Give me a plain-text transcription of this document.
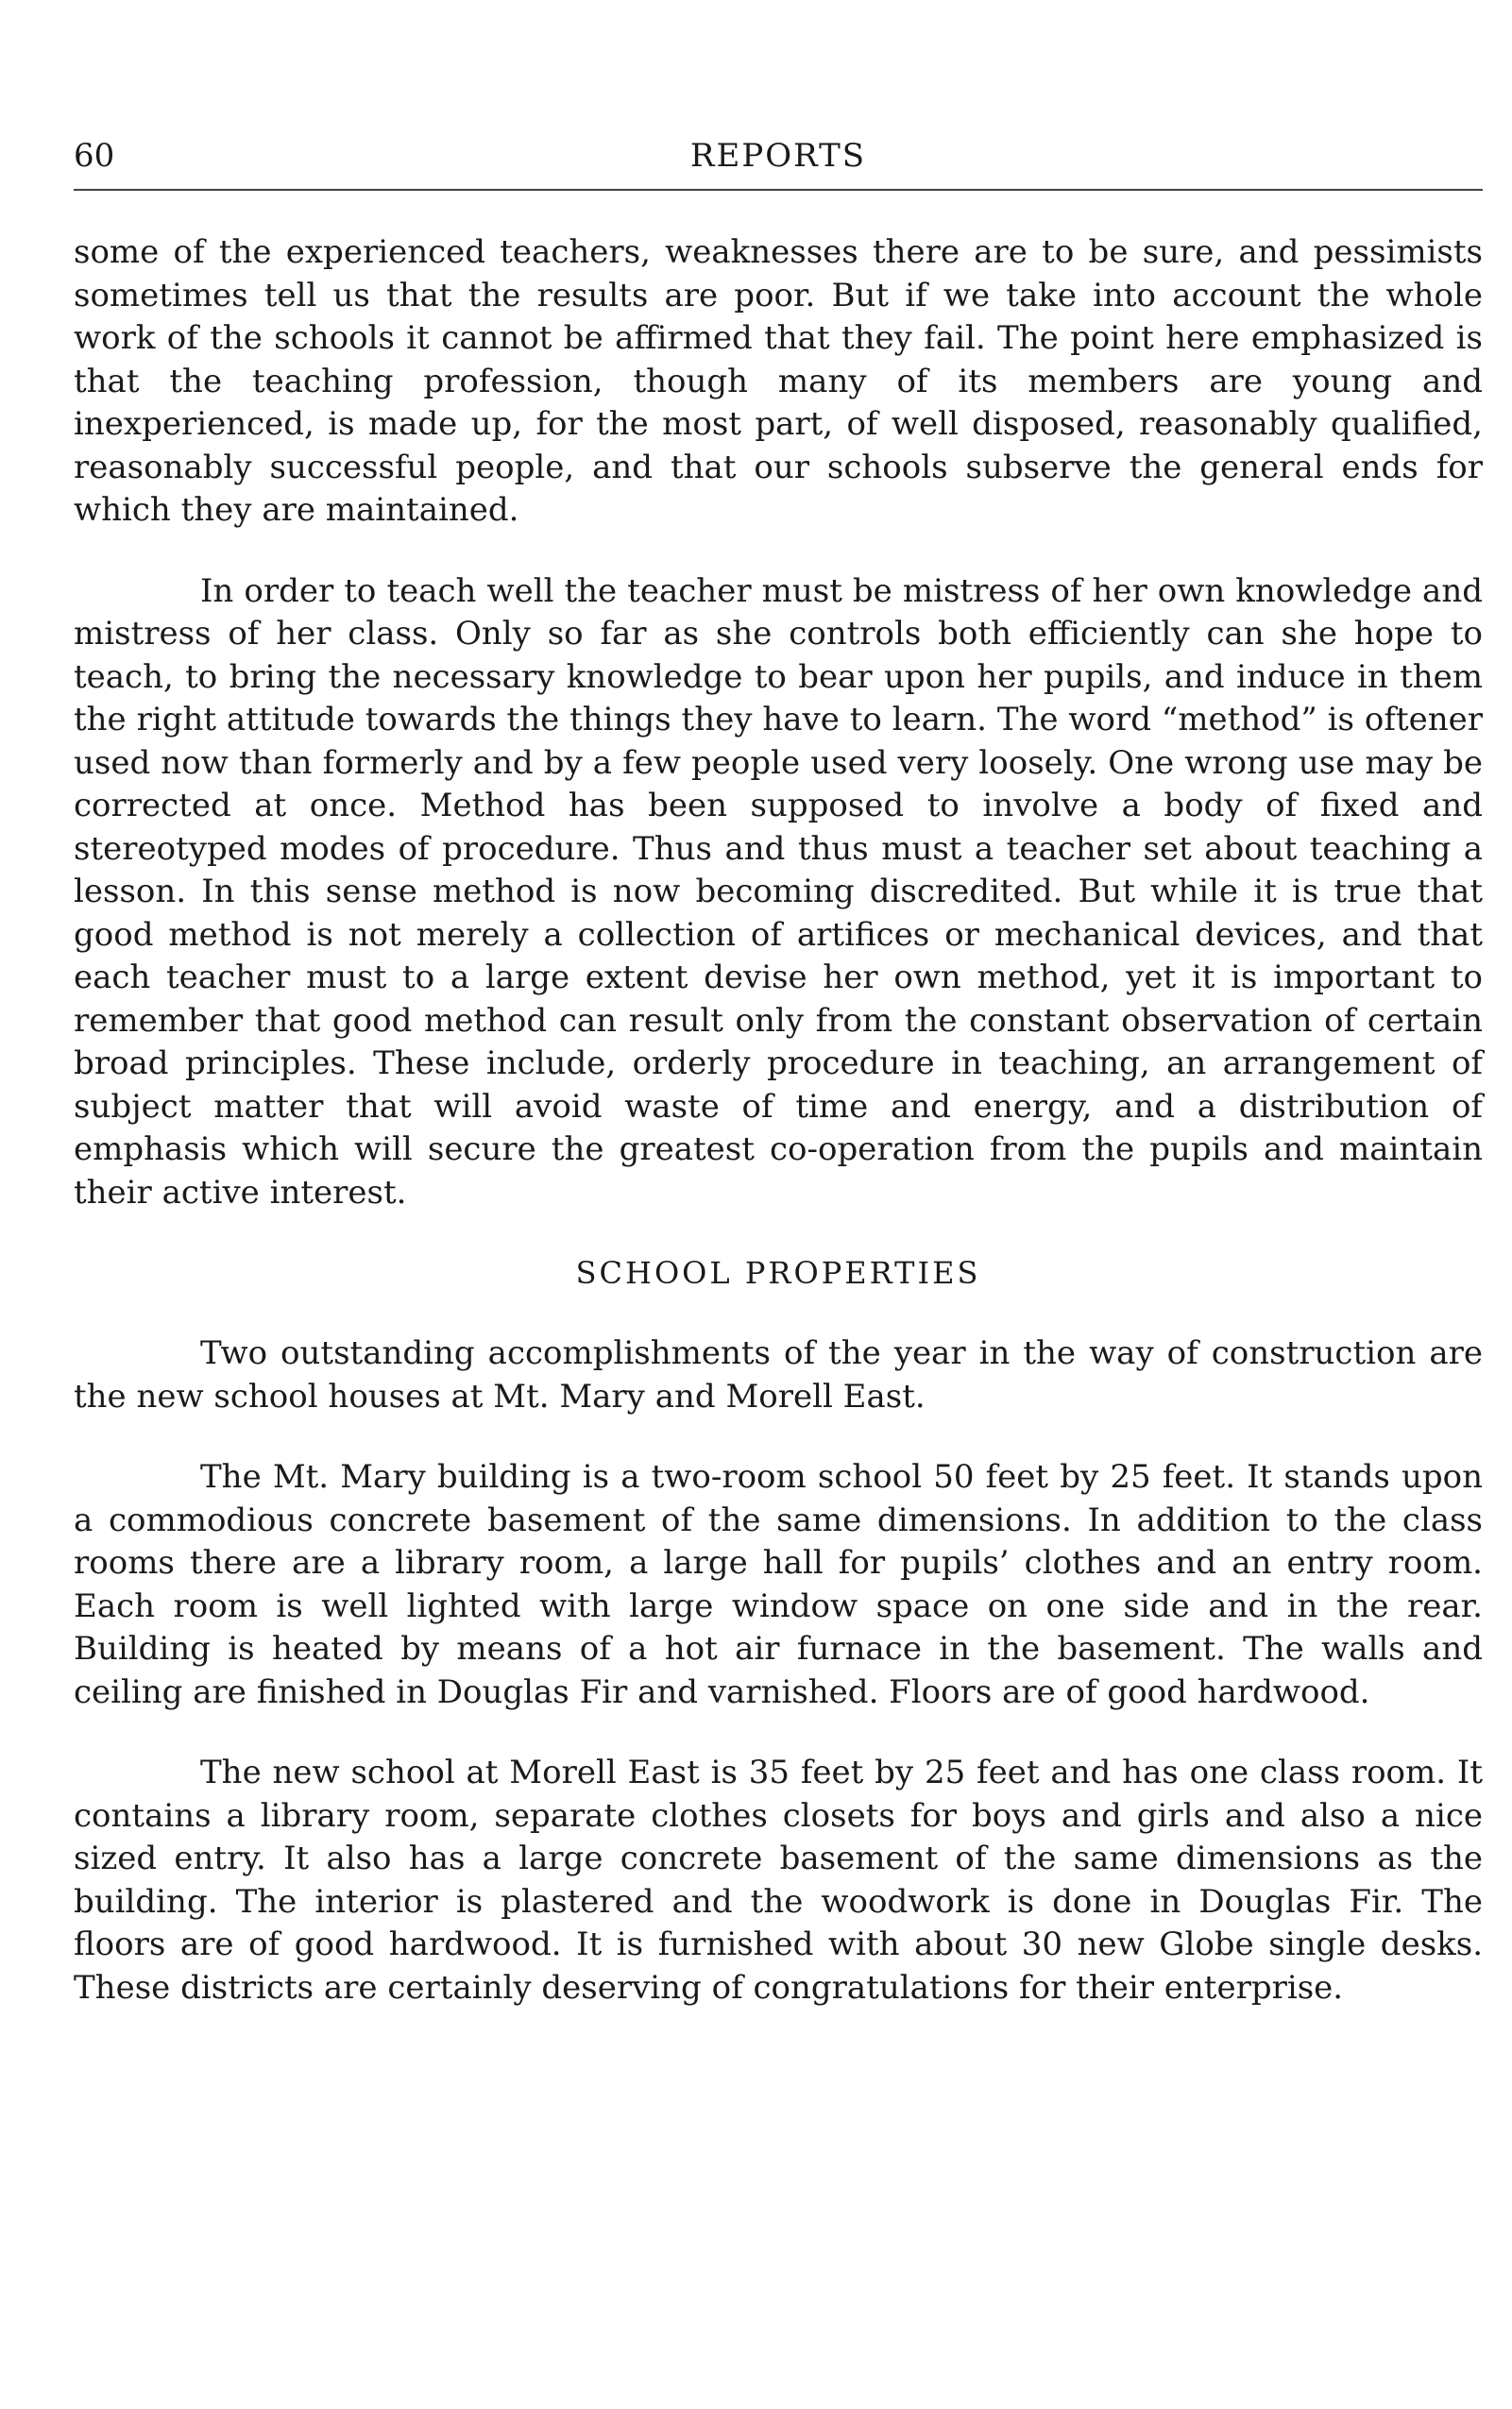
60	REPORTS

some of the experienced teachers, weaknesses there are to be sure, and pessimists sometimes tell us that the results are poor. But if we take into account the whole work of the schools it cannot be affirmed that they fail. The point here emphasized is that the teaching profession, though many of its members are young and inexperienced, is made up, for the most part, of well disposed, reasonably qualified, reasonably successful people, and that our schools subserve the general ends for which they are maintained.

In order to teach well the teacher must be mistress of her own knowledge and mistress of her class. Only so far as she controls both efficiently can she hope to teach, to bring the necessary knowledge to bear upon her pupils, and induce in them the right attitude towards the things they have to learn. The word “method” is oftener used now than formerly and by a few people used very loosely. One wrong use may be corrected at once. Method has been supposed to involve a body of fixed and stereotyped modes of procedure. Thus and thus must a teacher set about teaching a lesson. In this sense method is now becoming discredited. But while it is true that good method is not merely a collection of artifices or mechanical devices, and that each teacher must to a large extent devise her own method, yet it is important to remember that good method can result only from the constant observation of certain broad principles. These include, orderly procedure in teaching, an arrangement of subject matter that will avoid waste of time and energy, and a distribution of emphasis which will secure the greatest co-operation from the pupils and maintain their active interest.

SCHOOL PROPERTIES

Two outstanding accomplishments of the year in the way of construction are the new school houses at Mt. Mary and Morell East.

The Mt. Mary building is a two-room school 50 feet by 25 feet. It stands upon a commodious concrete basement of the same dimensions. In addition to the class rooms there are a library room, a large hall for pupils’ clothes and an entry room. Each room is well lighted with large window space on one side and in the rear. Building is heated by means of a hot air furnace in the basement. The walls and ceiling are finished in Douglas Fir and varnished. Floors are of good hardwood.

The new school at Morell East is 35 feet by 25 feet and has one class room. It contains a library room, separate clothes closets for boys and girls and also a nice sized entry. It also has a large concrete basement of the same dimensions as the building. The interior is plastered and the woodwork is done in Douglas Fir. The floors are of good hardwood. It is furnished with about 30 new Globe single desks. These districts are certainly deserving of congratulations for their enterprise.
